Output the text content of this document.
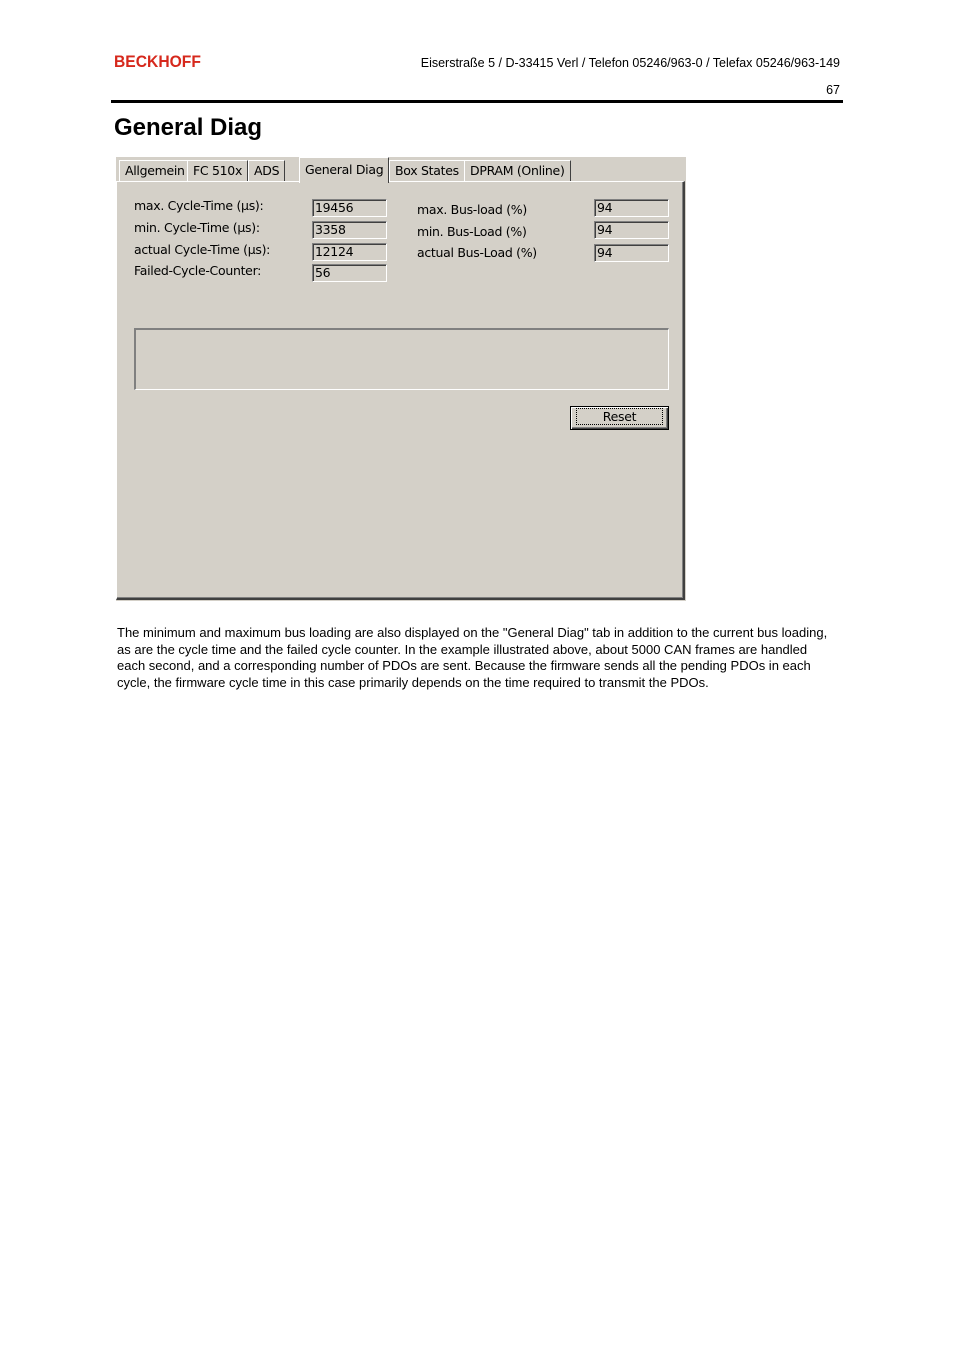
BECKHOFF	Eiserstraße 5 / D-33415 Verl / Telefon 05246/963-0 / Telefax 05246/963-149
67
General Diag
Allgemein FC 510x ADS	General Diag Box States DPRAM (Online)
max. Cycle-Time (µs):
min. Cycle-Time (µs):
actual Cycle-Time (µs):
Failed-Cycle-Counter:
19456
3358
12124
56
max. Bus-load (%)
min. Bus-Load (%)
actual Bus-Load (%)
94
94
94
Reset

The minimum and maximum bus loading are also displayed on the "General Diag" tab in addition to the current bus loading, as are the cycle time and the failed cycle counter. In the example illustrated above, about 5000 CAN frames are handled each second, and a corresponding number of PDOs are sent. Because the firmware sends all the pending PDOs in each cycle, the firmware cycle time in this case primarily depends on the time required to transmit the PDOs.
